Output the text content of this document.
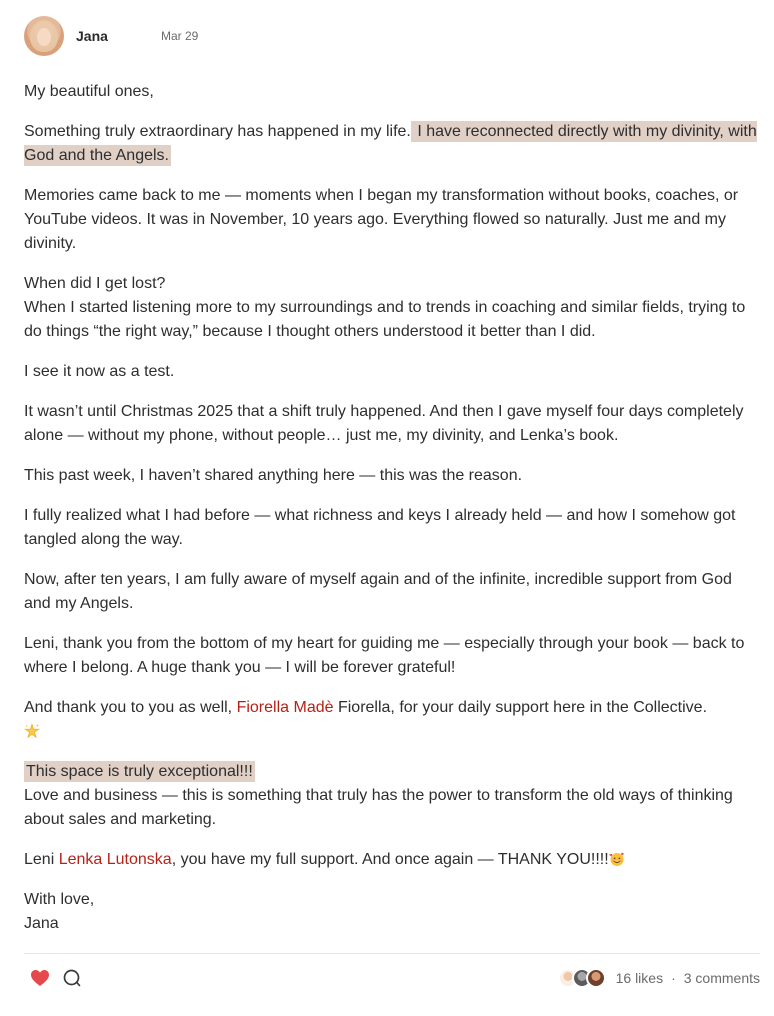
Jana	Mar 29

My beautiful ones,

Something truly extraordinary has happened in my life. I have reconnected directly with my divinity, with God and the Angels.

Memories came back to me — moments when I began my transformation without books, coaches, or YouTube videos. It was in November, 10 years ago. Everything flowed so naturally. Just me and my divinity.

When did I get lost?
When I started listening more to my surroundings and to trends in coaching and similar fields, trying to do things “the right way,” because I thought others understood it better than I did.

I see it now as a test.

It wasn’t until Christmas 2025 that a shift truly happened. And then I gave myself four days completely alone — without my phone, without people… just me, my divinity, and Lenka’s book.

This past week, I haven’t shared anything here — this was the reason.

I fully realized what I had before — what richness and keys I already held — and how I somehow got tangled along the way.

Now, after ten years, I am fully aware of myself again and of the infinite, incredible support from God and my Angels.

Leni, thank you from the bottom of my heart for guiding me — especially through your book — back to where I belong. A huge thank you — I will be forever grateful!

And thank you to you as well, Fiorella Madè Fiorella, for your daily support here in the Collective.

This space is truly exceptional!!!
Love and business — this is something that truly has the power to transform the old ways of thinking about sales and marketing.

Leni Lenka Lutonska, you have my full support. And once again — THANK YOU!!!!

With love,
Jana

16 likes · 3 comments
